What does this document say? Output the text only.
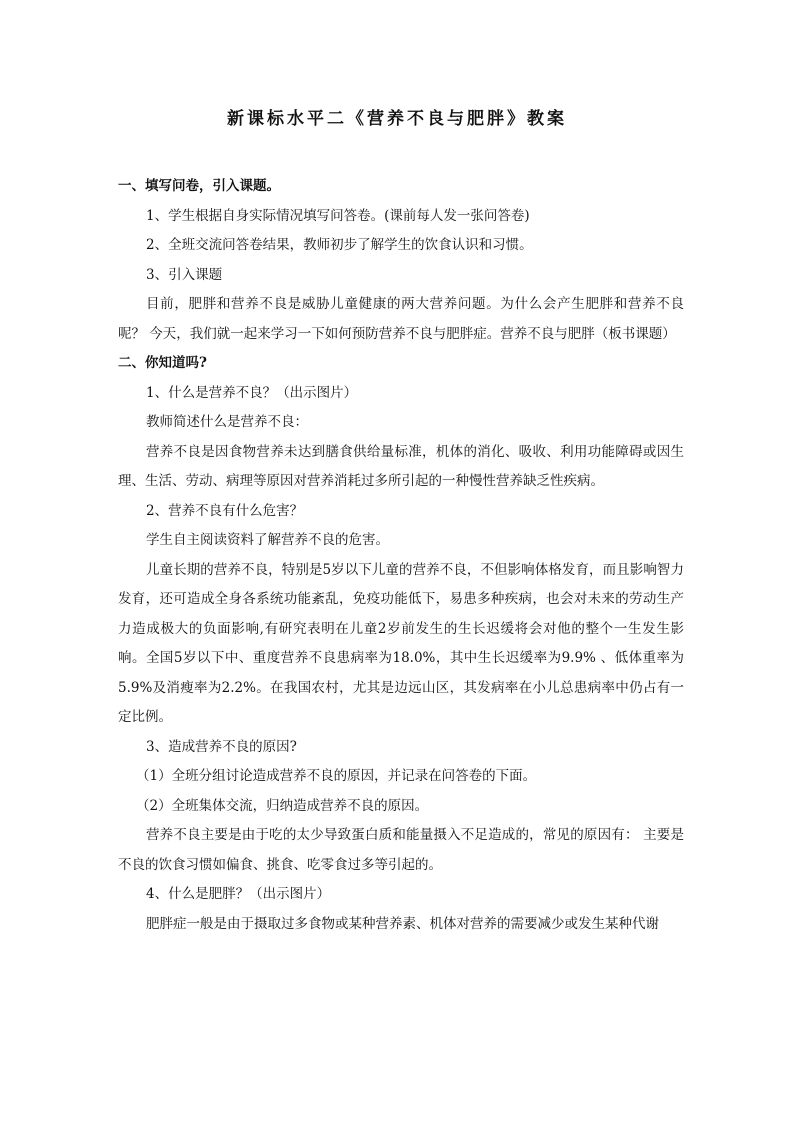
新课标水平二《营养不良与肥胖》教案

一、填写问卷，引入课题。

1、学生根据自身实际情况填写问答卷。(课前每人发一张问答卷)

2、全班交流问答卷结果，教师初步了解学生的饮食认识和习惯。

3、引入课题

目前，肥胖和营养不良是威胁儿童健康的两大营养问题。为什么会产生肥胖和营养不良呢？ 今天，我们就一起来学习一下如何预防营养不良与肥胖症。营养不良与肥胖（板书课题）

二、你知道吗?

1、什么是营养不良？（出示图片）

教师简述什么是营养不良：

营养不良是因食物营养未达到膳食供给量标准，机体的消化、吸收、利用功能障碍或因生理、生活、劳动、病理等原因对营养消耗过多所引起的一种慢性营养缺乏性疾病。

2、营养不良有什么危害？

学生自主阅读资料了解营养不良的危害。

儿童长期的营养不良，特别是5岁以下儿童的营养不良，不但影响体格发育，而且影响智力发育，还可造成全身各系统功能紊乱，免疫功能低下，易患多种疾病，也会对未来的劳动生产力造成极大的负面影响,有研究表明在儿童2岁前发生的生长迟缓将会对他的整个一生发生影响。全国5岁以下中、重度营养不良患病率为18.0%，其中生长迟缓率为9.9% 、低体重率为5.9%及消瘦率为2.2%。在我国农村，尤其是边远山区，其发病率在小儿总患病率中仍占有一定比例。

3、造成营养不良的原因?

（1）全班分组讨论造成营养不良的原因，并记录在问答卷的下面。

（2）全班集体交流，归纳造成营养不良的原因。

营养不良主要是由于吃的太少导致蛋白质和能量摄入不足造成的，常见的原因有： 主要是不良的饮食习惯如偏食、挑食、吃零食过多等引起的。

4、什么是肥胖？（出示图片）

肥胖症一般是由于摄取过多食物或某种营养素、机体对营养的需要减少或发生某种代谢
